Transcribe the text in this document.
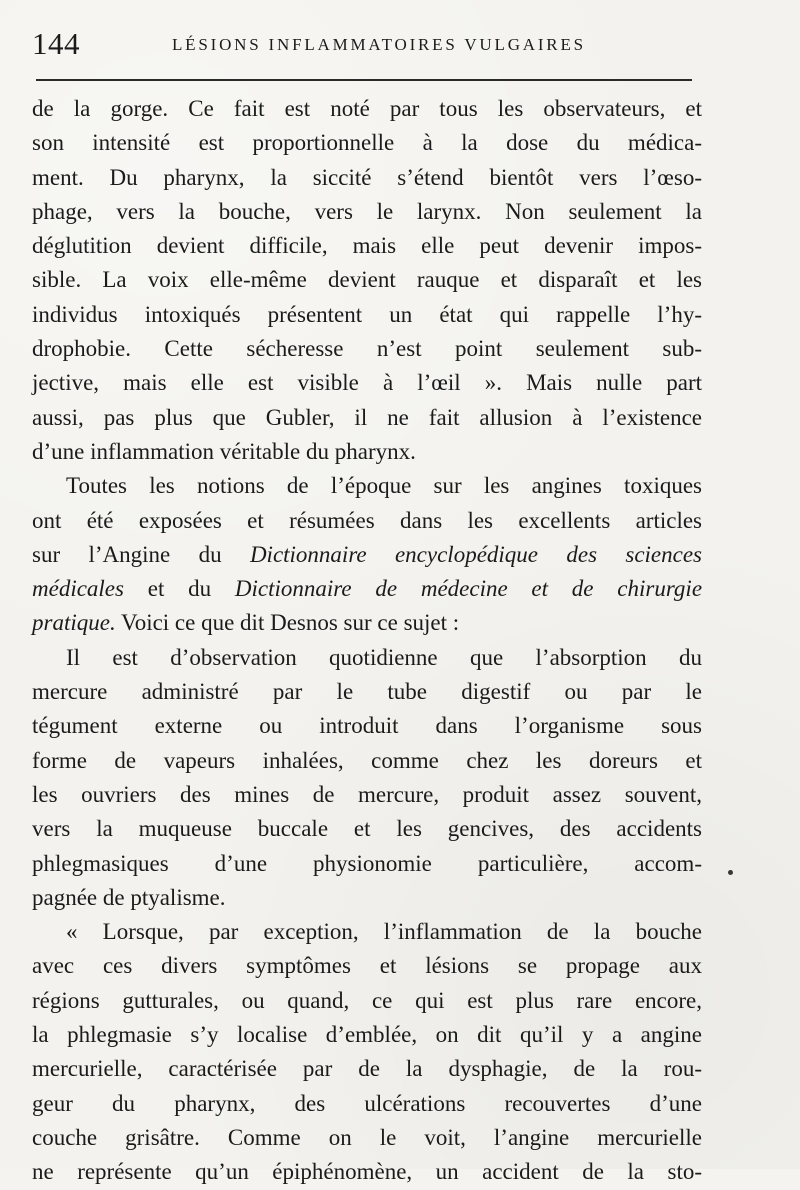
144	LÉSIONS INFLAMMATOIRES VULGAIRES
de la gorge. Ce fait est noté par tous les observateurs, et
son intensité est proportionnelle à la dose du médica-
ment. Du pharynx, la siccité s’étend bientôt vers l’œso-
phage, vers la bouche, vers le larynx. Non seulement la
déglutition devient difficile, mais elle peut devenir impos-
sible. La voix elle-même devient rauque et disparaît et les
individus intoxiqués présentent un état qui rappelle l’hy-
drophobie. Cette sécheresse n’est point seulement sub-
jective, mais elle est visible à l’œil ». Mais nulle part
aussi, pas plus que Gubler, il ne fait allusion à l’existence
d’une inflammation véritable du pharynx.
Toutes les notions de l’époque sur les angines toxiques
ont été exposées et résumées dans les excellents articles
sur l’Angine du Dictionnaire encyclopédique des sciences
médicales et du Dictionnaire de médecine et de chirurgie
pratique. Voici ce que dit Desnos sur ce sujet :
Il est d’observation quotidienne que l’absorption du
mercure administré par le tube digestif ou par le
tégument externe ou introduit dans l’organisme sous
forme de vapeurs inhalées, comme chez les doreurs et
les ouvriers des mines de mercure, produit assez souvent,
vers la muqueuse buccale et les gencives, des accidents
phlegmasiques d’une physionomie particulière, accom-
pagnée de ptyalisme.
« Lorsque, par exception, l’inflammation de la bouche
avec ces divers symptômes et lésions se propage aux
régions gutturales, ou quand, ce qui est plus rare encore,
la phlegmasie s’y localise d’emblée, on dit qu’il y a angine
mercurielle, caractérisée par de la dysphagie, de la rou-
geur du pharynx, des ulcérations recouvertes d’une
couche grisâtre. Comme on le voit, l’angine mercurielle
ne représente qu’un épiphénomène, un accident de la sto-
